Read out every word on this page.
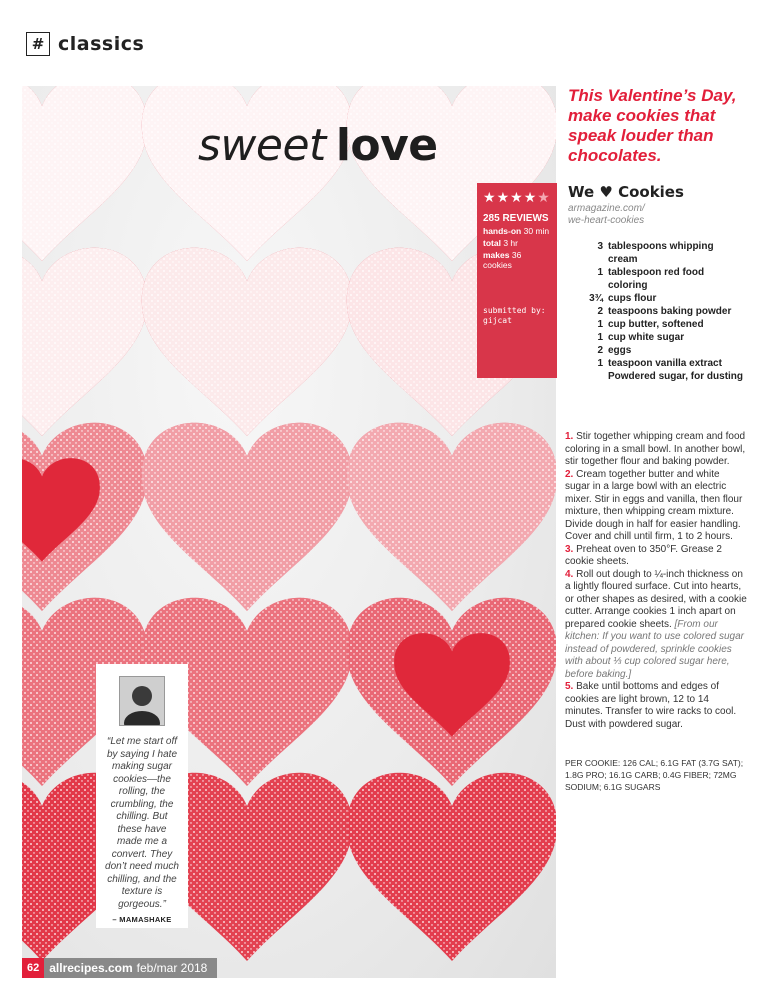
# classics
sweet love
This Valentine’s Day, make cookies that speak louder than chocolates.
★ ★ ★ ★ ★
285 REVIEWS
hands-on 30 min
total 3 hr
makes 36 cookies
submitted by:
gijcat
We ♥ Cookies
armagazine.com/
we-heart-cookies
3 tablespoons whipping cream
1 tablespoon red food coloring
3¾ cups flour
2 teaspoons baking powder
1 cup butter, softened
1 cup white sugar
2 eggs
1 teaspoon vanilla extract
Powdered sugar, for dusting

1. Stir together whipping cream and food coloring in a small bowl. In another bowl, stir together flour and baking powder.

2. Cream together butter and white sugar in a large bowl with an electric mixer. Stir in eggs and vanilla, then flour mixture, then whipping cream mixture. Divide dough in half for easier handling. Cover and chill until firm, 1 to 2 hours.

3. Preheat oven to 350°F. Grease 2 cookie sheets.

4. Roll out dough to ¼-inch thickness on a lightly floured surface. Cut into hearts, or other shapes as desired, with a cookie cutter. Arrange cookies 1 inch apart on prepared cookie sheets. [From our kitchen: If you want to use colored sugar instead of powdered, sprinkle cookies with about ⅓ cup colored sugar here, before baking.]

5. Bake until bottoms and edges of cookies are light brown, 12 to 14 minutes. Transfer to wire racks to cool. Dust with powdered sugar.

PER COOKIE: 126 CAL; 6.1G FAT (3.7G SAT); 1.8G PRO; 16.1G CARB; 0.4G FIBER; 72MG SODIUM; 6.1G SUGARS
“Let me start off by saying I hate making sugar cookies—the rolling, the crumbling, the chilling. But these have made me a convert. They don’t need much chilling, and the texture is gorgeous.”
– MAMASHAKE
62 allrecipes.com feb/mar 2018
